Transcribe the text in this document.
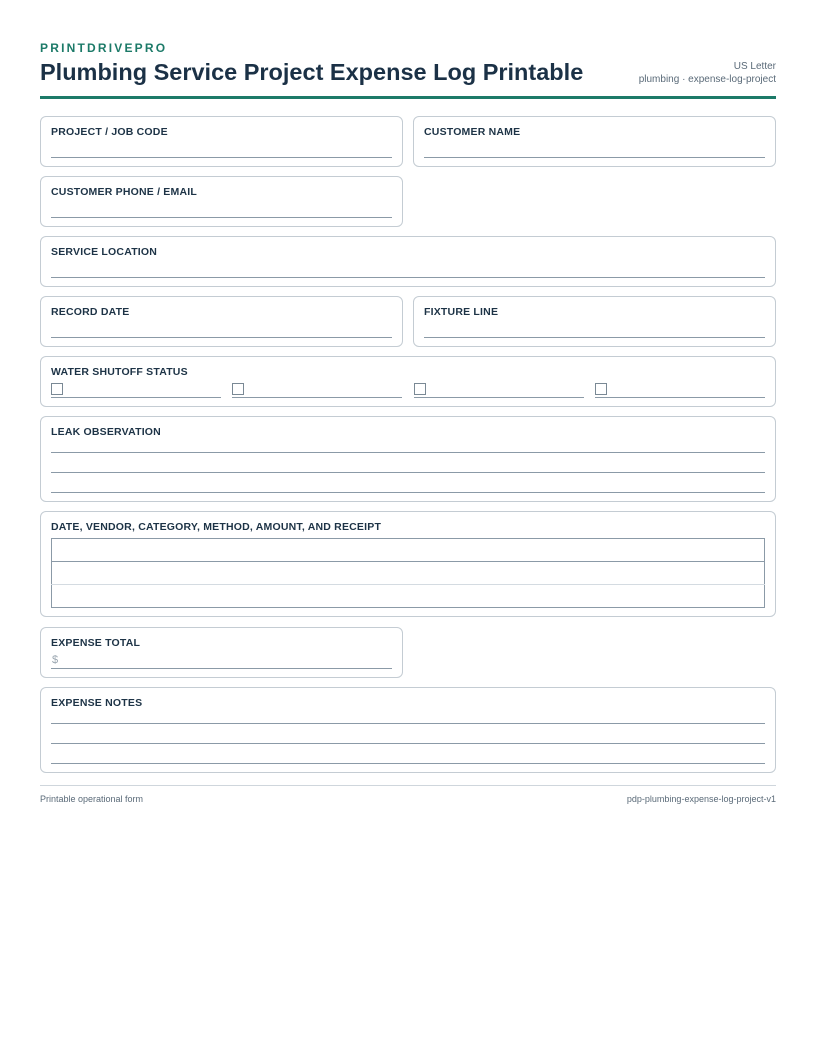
PRINTDRIVEPRO
Plumbing Service Project Expense Log Printable	US Letter
plumbing · expense-log-project
PROJECT / JOB CODE	CUSTOMER NAME
CUSTOMER PHONE / EMAIL
SERVICE LOCATION
RECORD DATE	FIXTURE LINE
WATER SHUTOFF STATUS
LEAK OBSERVATION
DATE, VENDOR, CATEGORY, METHOD, AMOUNT, AND RECEIPT

EXPENSE TOTAL
$
EXPENSE NOTES
Printable operational form	pdp-plumbing-expense-log-project-v1
